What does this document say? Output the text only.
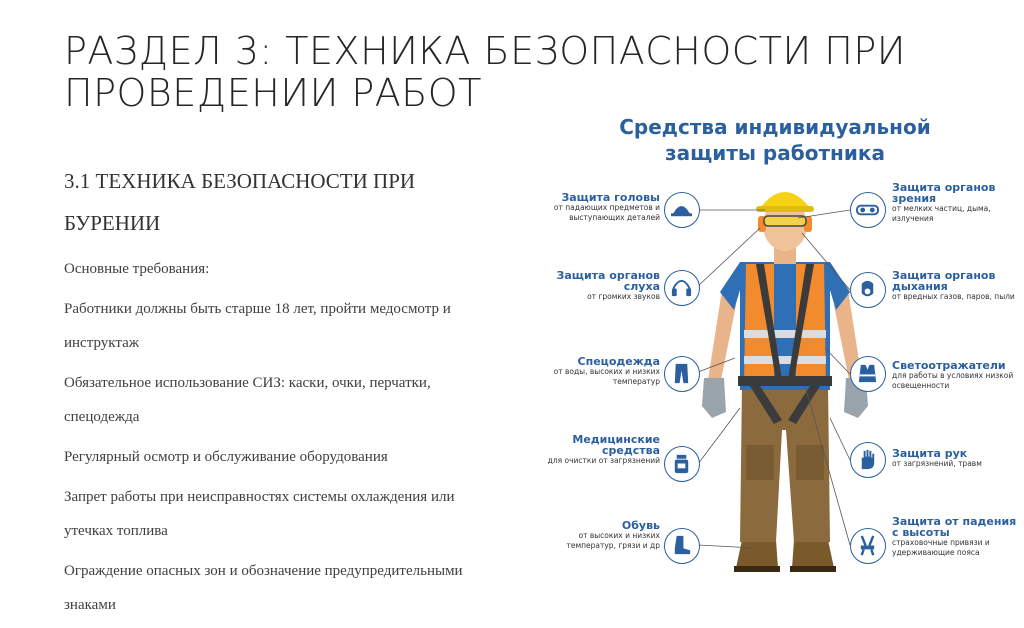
РАЗДЕЛ 3: ТЕХНИКА БЕЗОПАСНОСТИ ПРИ ПРОВЕДЕНИИ РАБОТ

3.1 ТЕХНИКА БЕЗОПАСНОСТИ ПРИ БУРЕНИИ

Основные требования:

Работники должны быть старше 18 лет, пройти медосмотр и инструктаж

Обязательное использование СИЗ: каски, очки, перчатки, спецодежда

Регулярный осмотр и обслуживание оборудования

Запрет работы при неисправностях системы охлаждения или утечках топлива

Ограждение опасных зон и обозначение предупредительными знаками

Средства индивидуальной
защиты работника
Защита головы
от падающих предметов и выступающих деталей
Защита органов слуха
от громких звуков
Спецодежда
от воды, высоких и низких температур
Медицинские средства
для очистки от загрязнений
Обувь
от высоких и низких температур, грязи и др
Защита органов зрения
от мелких частиц, дыма, излучения
Защита органов дыхания
от вредных газов, паров, пыли
Светоотражатели
для работы в условиях низкой освещенности
Защита рук
от загрязнений, травм
Защита от падения с высоты
страховочные привязи и удерживающие пояса
